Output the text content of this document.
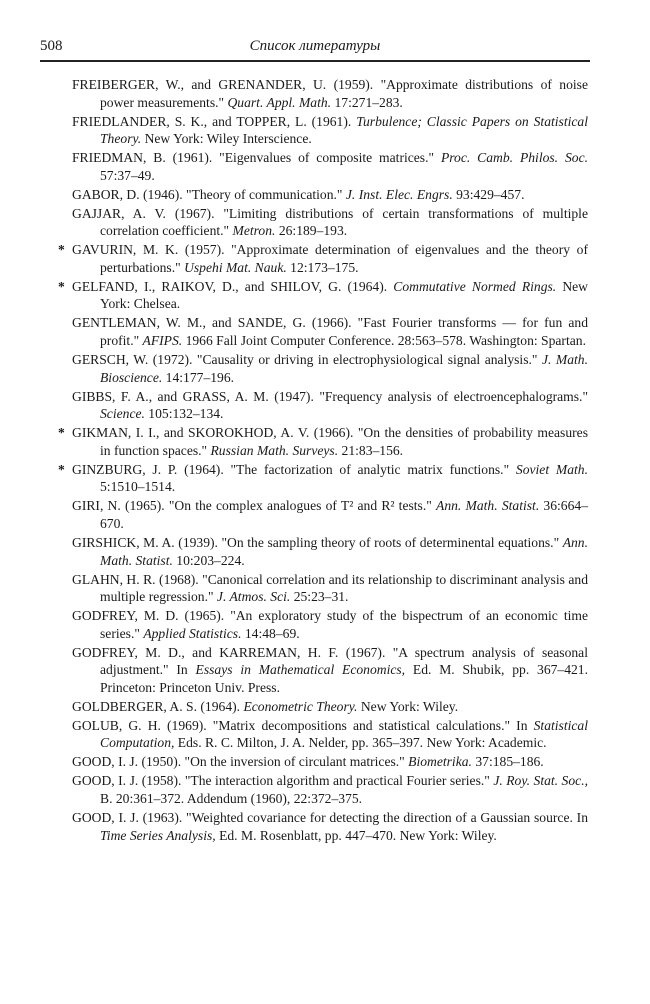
508	Список литературы

FREIBERGER, W., and GRENANDER, U. (1959). "Approximate distributions of noise power measurements." Quart. Appl. Math. 17:271–283.

FRIEDLANDER, S. K., and TOPPER, L. (1961). Turbulence; Classic Papers on Statistical Theory. New York: Wiley Interscience.

FRIEDMAN, B. (1961). "Eigenvalues of composite matrices." Proc. Camb. Philos. Soc. 57:37–49.

GABOR, D. (1946). "Theory of communication." J. Inst. Elec. Engrs. 93:429–457.

GAJJAR, A. V. (1967). "Limiting distributions of certain transformations of multiple correlation coefficient." Metron. 26:189–193.

* GAVURIN, M. K. (1957). "Approximate determination of eigenvalues and the theory of perturbations." Uspehi Mat. Nauk. 12:173–175.

* GELFAND, I., RAIKOV, D., and SHILOV, G. (1964). Commutative Normed Rings. New York: Chelsea.

GENTLEMAN, W. M., and SANDE, G. (1966). "Fast Fourier transforms — for fun and profit." AFIPS. 1966 Fall Joint Computer Conference. 28:563–578. Washington: Spartan.

GERSCH, W. (1972). "Causality or driving in electrophysiological signal analysis." J. Math. Bioscience. 14:177–196.

GIBBS, F. A., and GRASS, A. M. (1947). "Frequency analysis of electroencephalograms." Science. 105:132–134.

* GIKMAN, I. I., and SKOROKHOD, A. V. (1966). "On the densities of probability measures in function spaces." Russian Math. Surveys. 21:83–156.

* GINZBURG, J. P. (1964). "The factorization of analytic matrix functions." Soviet Math. 5:1510–1514.

GIRI, N. (1965). "On the complex analogues of T² and R² tests." Ann. Math. Statist. 36:664–670.

GIRSHICK, M. A. (1939). "On the sampling theory of roots of determinental equations." Ann. Math. Statist. 10:203–224.

GLAHN, H. R. (1968). "Canonical correlation and its relationship to discriminant analysis and multiple regression." J. Atmos. Sci. 25:23–31.

GODFREY, M. D. (1965). "An exploratory study of the bispectrum of an economic time series." Applied Statistics. 14:48–69.

GODFREY, M. D., and KARREMAN, H. F. (1967). "A spectrum analysis of seasonal adjustment." In Essays in Mathematical Economics, Ed. M. Shubik, pp. 367–421. Princeton: Princeton Univ. Press.

GOLDBERGER, A. S. (1964). Econometric Theory. New York: Wiley.

GOLUB, G. H. (1969). "Matrix decompositions and statistical calculations." In Statistical Computation, Eds. R. C. Milton, J. A. Nelder, pp. 365–397. New York: Academic.

GOOD, I. J. (1950). "On the inversion of circulant matrices." Biometrika. 37:185–186.

GOOD, I. J. (1958). "The interaction algorithm and practical Fourier series." J. Roy. Stat. Soc., B. 20:361–372. Addendum (1960), 22:372–375.

GOOD, I. J. (1963). "Weighted covariance for detecting the direction of a Gaussian source. In Time Series Analysis, Ed. M. Rosenblatt, pp. 447–470. New York: Wiley.
